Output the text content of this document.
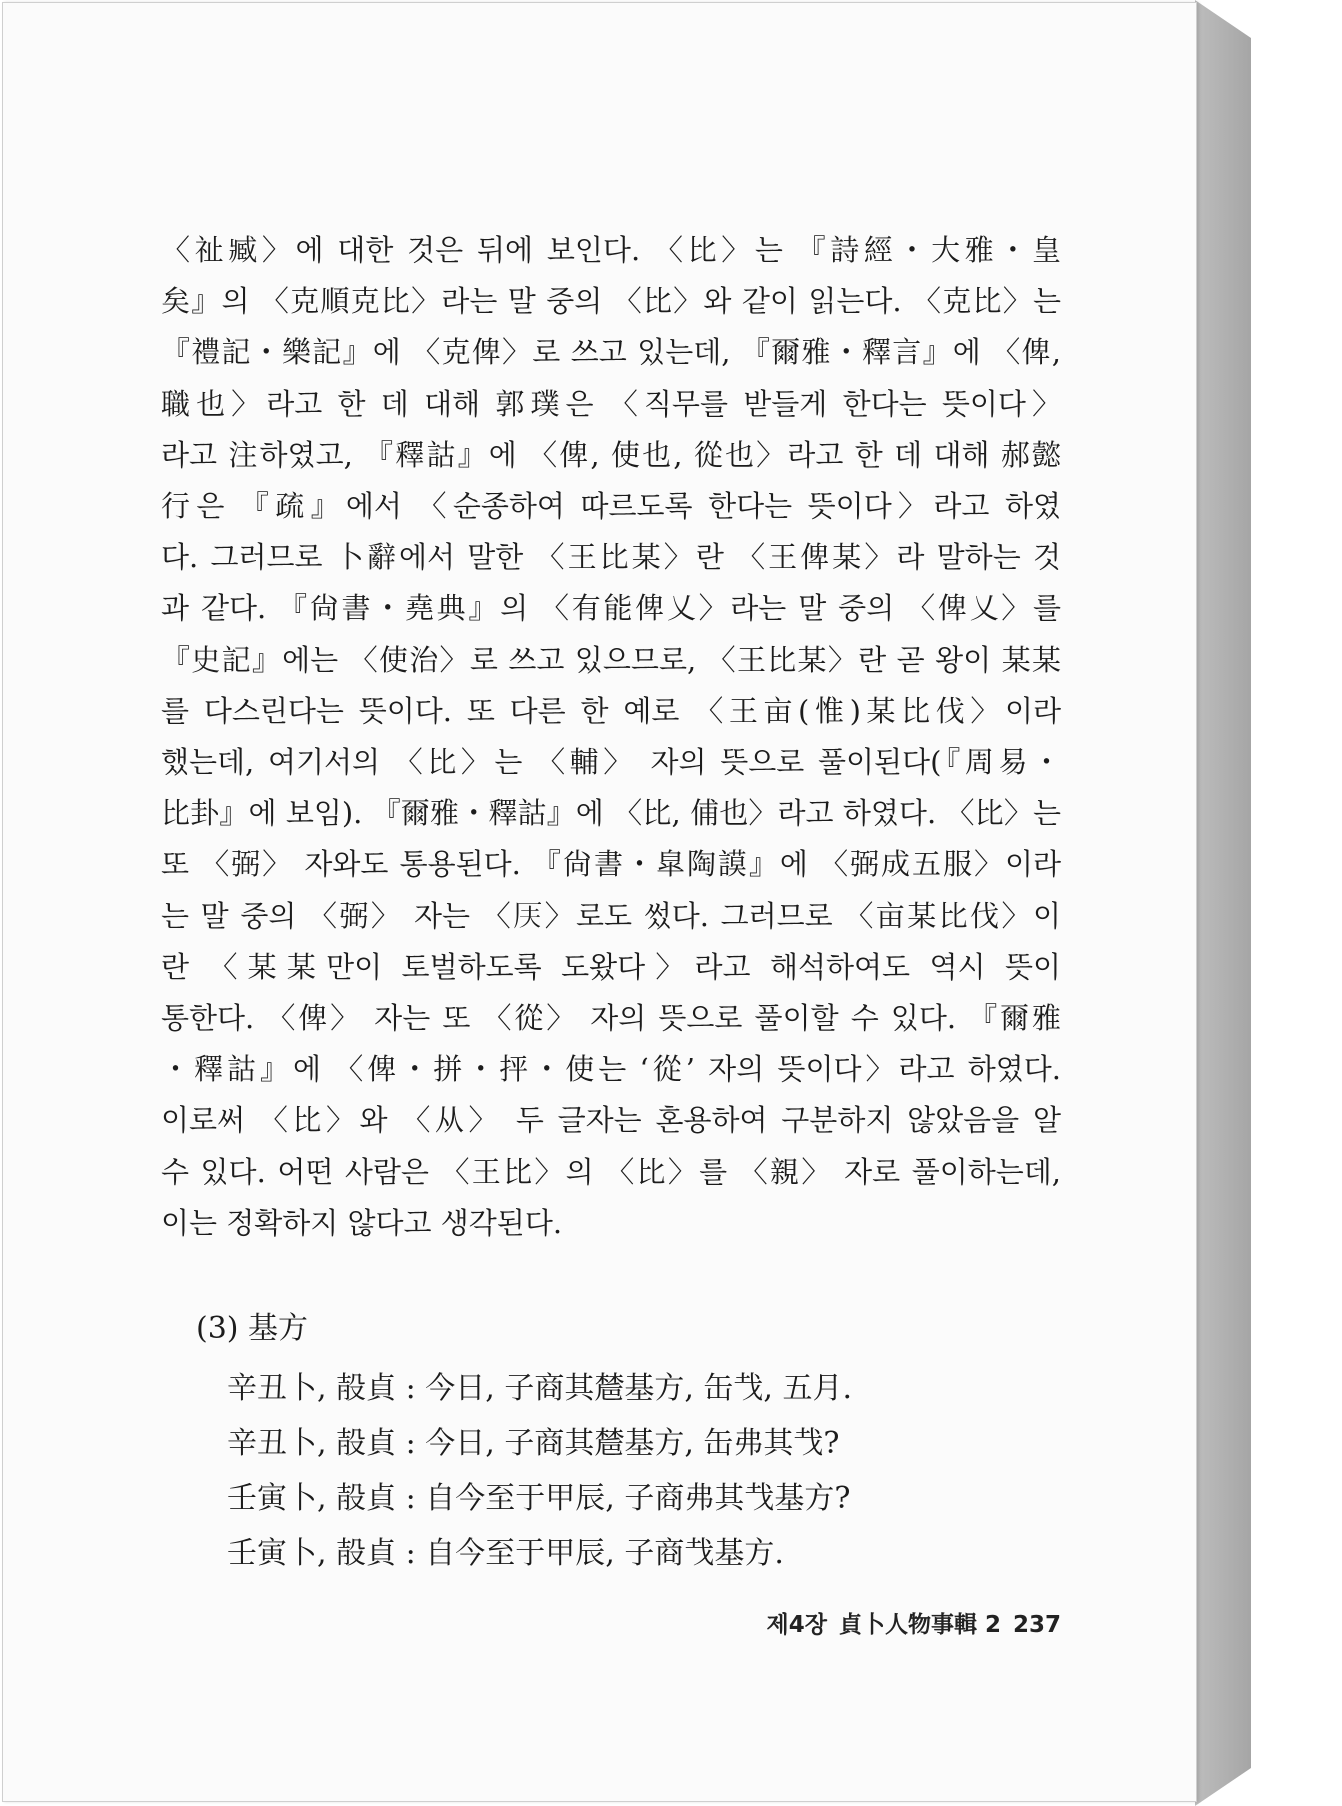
〈祉臧〉에 대한 것은 뒤에 보인다. 〈比〉는 『詩經・大雅・皇
矣』의 〈克順克比〉라는 말 중의 〈比〉와 같이 읽는다. 〈克比〉는
『禮記・樂記』에 〈克俾〉로 쓰고 있는데, 『爾雅・釋言』에 〈俾,
職也〉라고 한 데 대해 郭璞은 〈직무를 받들게 한다는 뜻이다〉
라고 注하였고, 『釋詁』에 〈俾, 使也, 從也〉라고 한 데 대해 郝懿
行은 『疏』에서 〈순종하여 따르도록 한다는 뜻이다〉라고 하였
다. 그러므로 卜辭에서 말한 〈王比某〉란 〈王俾某〉라 말하는 것
과 같다. 『尙書・堯典』의 〈有能俾乂〉라는 말 중의 〈俾乂〉를
『史記』에는 〈使治〉로 쓰고 있으므로, 〈王比某〉란 곧 왕이 某某
를 다스린다는 뜻이다. 또 다른 한 예로 〈王亩(惟)某比伐〉이라
했는데, 여기서의 〈比〉는 〈輔〉 자의 뜻으로 풀이된다(『周易・
比卦』에 보임). 『爾雅・釋詁』에 〈比, 俌也〉라고 하였다. 〈比〉는
또 〈弼〉 자와도 통용된다. 『尙書・皐陶謨』에 〈弼成五服〉이라
는 말 중의 〈弼〉 자는 〈𠨶〉로도 썼다. 그러므로 〈亩某比伐〉이
란 〈某某만이 토벌하도록 도왔다〉라고 해석하여도 역시 뜻이
통한다. 〈俾〉 자는 또 〈從〉 자의 뜻으로 풀이할 수 있다. 『爾雅
・釋詁』에 〈俾・拼・抨・使는 ‘從’ 자의 뜻이다〉라고 하였다.
이로써 〈比〉와 〈从〉 두 글자는 혼용하여 구분하지 않았음을 알
수 있다. 어떤 사람은 〈王比〉의 〈比〉를 〈親〉 자로 풀이하는데,
이는 정확하지 않다고 생각된다.

(3) 基方
辛丑卜, 㱿貞 : 今日, 子商其㯄基方, 缶𢦏, 五月.
辛丑卜, 㱿貞 : 今日, 子商其㯄基方, 缶弗其𢦏?
壬寅卜, 㱿貞 : 自今至于甲辰, 子商弗其𢦏基方?
壬寅卜, 㱿貞 : 自今至于甲辰, 子商𢦏基方.
제4장 貞卜人物事輯 2 237
